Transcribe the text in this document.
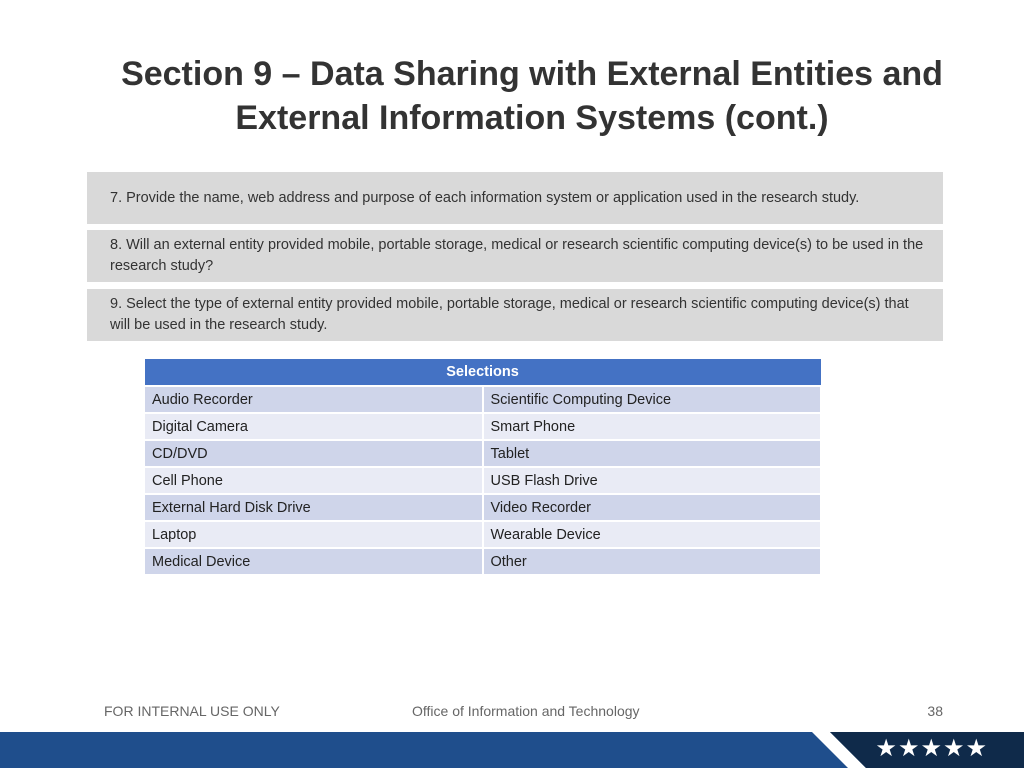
Section 9 – Data Sharing with External Entities and
External Information Systems (cont.)
7. Provide the name, web address and purpose of each information system or application used in the research study.
8. Will an external entity provided mobile, portable storage, medical or research scientific computing device(s) to be used in the research study?
9. Select the type of external entity provided mobile, portable storage, medical or research scientific computing device(s) that will be used in the research study.
Selections	
Audio Recorder	Scientific Computing Device
Digital Camera	Smart Phone
CD/DVD	Tablet
Cell Phone	USB Flash Drive
External Hard Disk Drive	Video Recorder
Laptop	Wearable Device
Medical Device	Other
FOR INTERNAL USE ONLY	Office of Information and Technology	38
★★★★★
